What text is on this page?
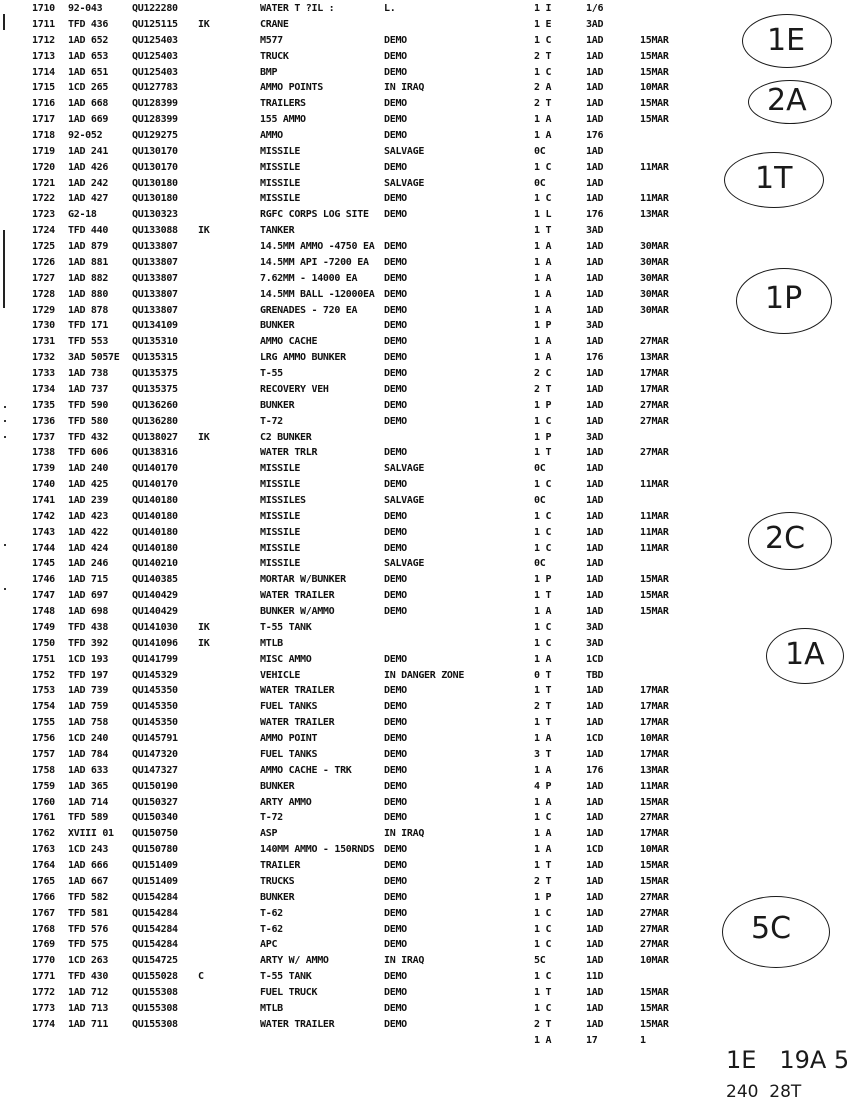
1710 92-043	QU122280	WATER T ?IL :	L.	1 I	1/6
1711 TFD 436 QU125115 IK	CRANE	1 E	3AD
1712 1AD 652 QU125403	M577	DEMO	1 C	1AD	15MAR
1713 1AD 653 QU125403	TRUCK	DEMO	2 T	1AD	15MAR
1714 1AD 651 QU125403	BMP	DEMO	1 C	1AD	15MAR
1715 1CD 265 QU127783	AMMO POINTS	IN IRAQ	2 A	1AD	10MAR
1716 1AD 668 QU128399	TRAILERS	DEMO	2 T	1AD	15MAR
1717 1AD 669 QU128399	155 AMMO	DEMO	1 A	1AD	15MAR
1718 92-052	QU129275	AMMO	DEMO	1 A	176
1719 1AD 241 QU130170	MISSILE	SALVAGE	0C	1AD
1720 1AD 426 QU130170	MISSILE	DEMO	1 C	1AD	11MAR
1721 1AD 242 QU130180	MISSILE	SALVAGE	0C	1AD
1722 1AD 427 QU130180	MISSILE	DEMO	1 C	1AD	11MAR
1723 G2-18	QU130323	RGFC CORPS LOG SITE DEMO	1 L	176	13MAR
1724 TFD 440 QU133088 IK	TANKER	1 T	3AD
1725 1AD 879 QU133807	14.5MM AMMO -4750 EA DEMO	1 A	1AD	30MAR
1726 1AD 881 QU133807	14.5MM API -7200 EA DEMO	1 A	1AD	30MAR
1727 1AD 882 QU133807	7.62MM - 14000 EA	DEMO	1 A	1AD	30MAR
1728 1AD 880 QU133807	14.5MM BALL -12000EA DEMO	1 A	1AD	30MAR
1729 1AD 878 QU133807	GRENADES - 720 EA	DEMO	1 A	1AD	30MAR
1730 TFD 171 QU134109	BUNKER	DEMO	1 P	3AD
1731 TFD 553 QU135310	AMMO CACHE	DEMO	1 A	1AD	27MAR
1732 3AD 5057E QU135315	LRG AMMO BUNKER	DEMO	1 A	176	13MAR
1733 1AD 738 QU135375	T-55	DEMO	2 C	1AD	17MAR
1734 1AD 737 QU135375	RECOVERY VEH	DEMO	2 T	1AD	17MAR
1735 TFD 590 QU136260	BUNKER	DEMO	1 P	1AD	27MAR
1736 TFD 580 QU136280	T-72	DEMO	1 C	1AD	27MAR
1737 TFD 432 QU138027 IK	C2 BUNKER	1 P	3AD
1738 TFD 606 QU138316	WATER TRLR	DEMO	1 T	1AD	27MAR
1739 1AD 240 QU140170	MISSILE	SALVAGE	0C	1AD
1740 1AD 425 QU140170	MISSILE	DEMO	1 C	1AD	11MAR
1741 1AD 239 QU140180	MISSILES	SALVAGE	0C	1AD
1742 1AD 423 QU140180	MISSILE	DEMO	1 C	1AD	11MAR
1743 1AD 422 QU140180	MISSILE	DEMO	1 C	1AD	11MAR
1744 1AD 424 QU140180	MISSILE	DEMO	1 C	1AD	11MAR
1745 1AD 246 QU140210	MISSILE	SALVAGE	0C	1AD
1746 1AD 715 QU140385	MORTAR W/BUNKER	DEMO	1 P	1AD	15MAR
1747 1AD 697 QU140429	WATER TRAILER	DEMO	1 T	1AD	15MAR
1748 1AD 698 QU140429	BUNKER W/AMMO	DEMO	1 A	1AD	15MAR
1749 TFD 438 QU141030 IK	T-55 TANK	1 C	3AD
1750 TFD 392 QU141096 IK	MTLB	1 C	3AD
1751 1CD 193 QU141799	MISC AMMO	DEMO	1 A	1CD
1752 TFD 197 QU145329	VEHICLE	IN DANGER ZONE	0 T	TBD
1753 1AD 739 QU145350	WATER TRAILER	DEMO	1 T	1AD	17MAR
1754 1AD 759 QU145350	FUEL TANKS	DEMO	2 T	1AD	17MAR
1755 1AD 758 QU145350	WATER TRAILER	DEMO	1 T	1AD	17MAR
1756 1CD 240 QU145791	AMMO POINT	DEMO	1 A	1CD	10MAR
1757 1AD 784 QU147320	FUEL TANKS	DEMO	3 T	1AD	17MAR
1758 1AD 633 QU147327	AMMO CACHE - TRK	DEMO	1 A	176	13MAR
1759 1AD 365 QU150190	BUNKER	DEMO	4 P	1AD	11MAR
1760 1AD 714 QU150327	ARTY AMMO	DEMO	1 A	1AD	15MAR
1761 TFD 589 QU150340	T-72	DEMO	1 C	1AD	27MAR
1762 XVIII 01 QU150750	ASP	IN IRAQ	1 A	1AD	17MAR
1763 1CD 243 QU150780	140MM AMMO - 150RNDS DEMO	1 A	1CD	10MAR
1764 1AD 666 QU151409	TRAILER	DEMO	1 T	1AD	15MAR
1765 1AD 667 QU151409	TRUCKS	DEMO	2 T	1AD	15MAR
1766 TFD 582 QU154284	BUNKER	DEMO	1 P	1AD	27MAR
1767 TFD 581 QU154284	T-62	DEMO	1 C	1AD	27MAR
1768 TFD 576 QU154284	T-62	DEMO	1 C	1AD	27MAR
1769 TFD 575 QU154284	APC	DEMO	1 C	1AD	27MAR
1770 1CD 263 QU154725	ARTY W/ AMMO	IN IRAQ	5C	1AD	10MAR
1771 TFD 430 QU155028 C	T-55 TANK	DEMO	1 C	11D
1772 1AD 712 QU155308	FUEL TRUCK	DEMO	1 T	1AD	15MAR
1773 1AD 713 QU155308	MTLB	DEMO	1 C	1AD	15MAR
1774 1AD 711 QU155308	WATER TRAILER	DEMO	2 T	1AD	15MAR
1 A	17	1
1E
2A
1T
1P
2C
1A
5C
1E   19A 5
240  28T
